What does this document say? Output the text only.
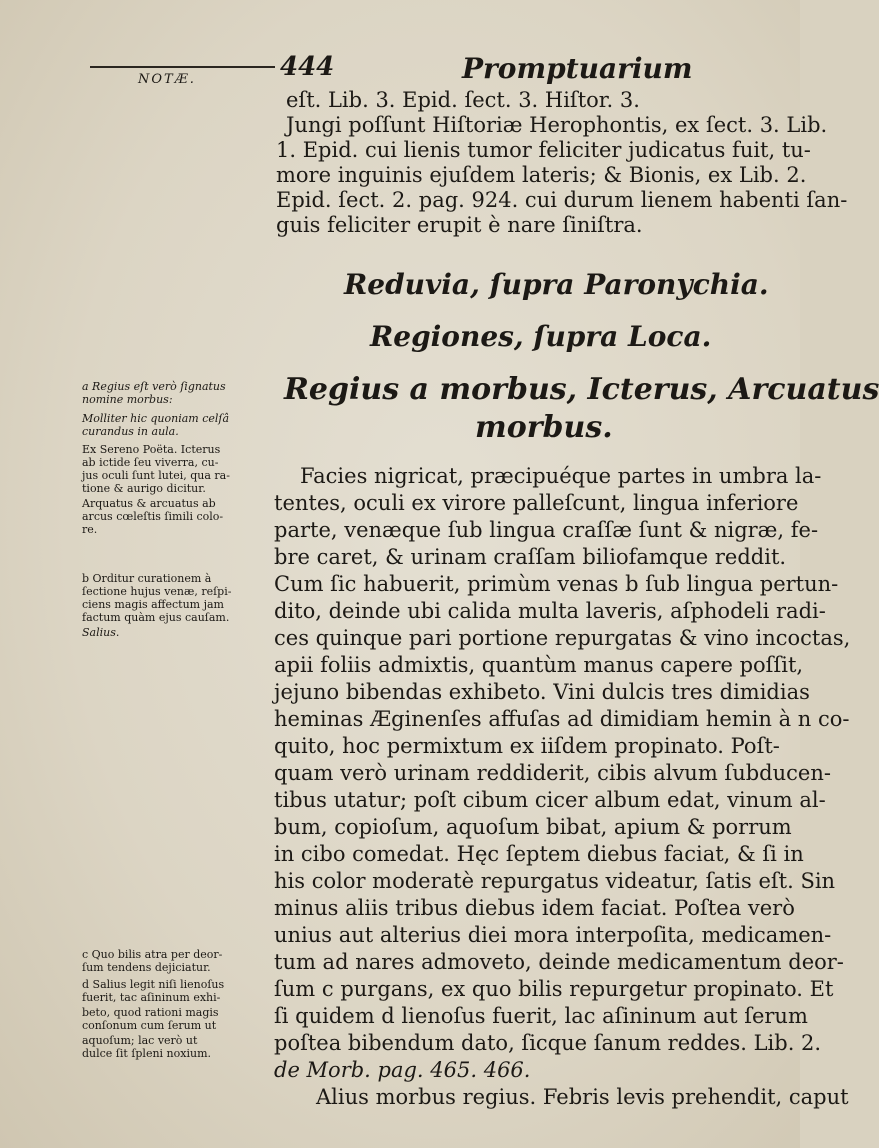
NOTÆ.	444	Promptuarium
eſt. Lib. 3. Epid. ſect. 3. Hiſtor. 3.
Jungi poſſunt Hiſtoriæ Herophontis, ex ſect. 3. Lib.
1. Epid. cui lienis tumor feliciter judicatus fuit, tu-
more inguinis ejuſdem lateris; & Bionis, ex Lib. 2.
Epid. ſect. 2. pag. 924. cui durum lienem habenti ſan-
guis feliciter erupit è nare ſiniſtra.
Reduvia, ſupra Paronychia.
Regiones, ſupra Loca.
Regius a morbus, Icterus, Arcuatus
morbus.
Facies nigricat, præcipuéque partes in umbra la-
tentes, oculi ex virore palleſcunt, lingua inferiore
parte, venæque ſub lingua craſſæ ſunt & nigræ, fe-
bre caret, & urinam craſſam biliofamque reddit.
Cum ſic habuerit, primùm venas b ſub lingua pertun-
dito, deinde ubi calida multa laveris, aſphodeli radi-
ces quinque pari portione repurgatas & vino incoctas,
apii foliis admixtis, quantùm manus capere poſſit,
jejuno bibendas exhibeto. Vini dulcis tres dimidias
heminas Æginenſes affuſas ad dimidiam hemin à n co-
quito, hoc permixtum ex iiſdem propinato. Poſt-
quam verò urinam reddiderit, cibis alvum ſubducen-
tibus utatur; poſt cibum cicer album edat, vinum al-
bum, copioſum, aquoſum bibat, apium & porrum
in cibo comedat. Hęc ſeptem diebus faciat, & ſi in
his color moderatè repurgatus videatur, ſatis eſt. Sin
minus aliis tribus diebus idem faciat. Poſtea verò
unius aut alterius diei mora interpoſita, medicamen-
tum ad nares admoveto, deinde medicamentum deor-
ſum c purgans, ex quo bilis repurgetur propinato. Et
ſi quidem d lienoſus fuerit, lac aſininum aut ſerum
poſtea bibendum dato, ſicque ſanum reddes. Lib. 2.
de Morb. pag. 465. 466.
Alius morbus regius. Febris levis prehendit, caput
a Regius eſt verò ſignatus
nomine morbus:
Molliter hic quoniam celſâ
curandus in aula.
Ex Sereno Poëta. Icterus
ab ictide ſeu viverra, cu-
jus oculi ſunt lutei, qua ra-
tione & aurigo dicitur.
Arquatus & arcuatus ab
arcus cœleſtis ſimili colo-
re.
b Orditur curationem à
ſectione hujus venæ, reſpi-
ciens magis affectum jam
factum quàm ejus cauſam.
Salius.
c Quo bilis atra per deor-
ſum tendens dejiciatur.
d Salius legit niſi lienoſus
fuerit, tac aſininum exhi-
beto, quod rationi magis
conſonum cum ſerum ut
aquoſum; lac verò ut
dulce ſit ſpleni noxium.
